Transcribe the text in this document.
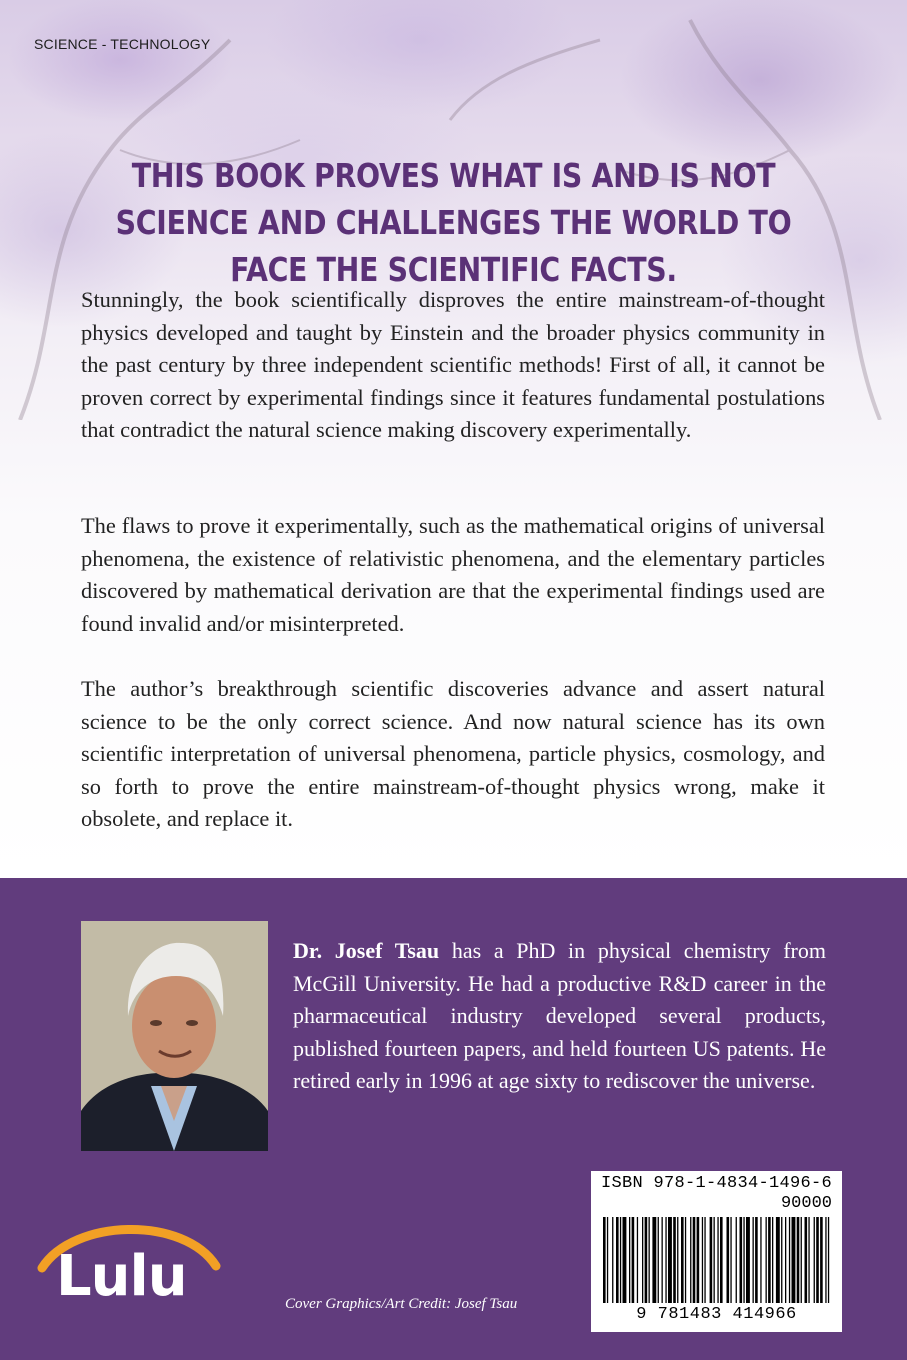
SCIENCE - TECHNOLOGY
THIS BOOK PROVES WHAT IS AND IS NOT SCIENCE AND CHALLENGES THE WORLD TO FACE THE SCIENTIFIC FACTS.

Stunningly, the book scientifically disproves the entire mainstream-of-thought physics developed and taught by Einstein and the broader physics community in the past century by three independent scientific methods! First of all, it cannot be proven correct by experimental findings since it features fundamental postulations that contradict the natural science making discovery experimentally.

The flaws to prove it experimentally, such as the mathematical origins of universal phenomena, the existence of relativistic phenomena, and the elementary particles discovered by mathematical derivation are that the experimental findings used are found invalid and/or misinterpreted.

The author’s breakthrough scientific discoveries advance and assert natural science to be the only correct science. And now natural science has its own scientific interpretation of universal phenomena, particle physics, cosmology, and so forth to prove the entire mainstream-of-thought physics wrong, make it obsolete, and replace it.

Dr. Josef Tsau has a PhD in physical chemistry from McGill University. He had a productive R&D career in the pharmaceutical industry developed several products, published fourteen papers, and held fourteen US patents. He retired early in 1996 at age sixty to rediscover the universe.

ISBN 978-1-4834-1496-6
90000
9 781483 414966
Lulu	Cover Graphics/Art Credit: Josef Tsau
